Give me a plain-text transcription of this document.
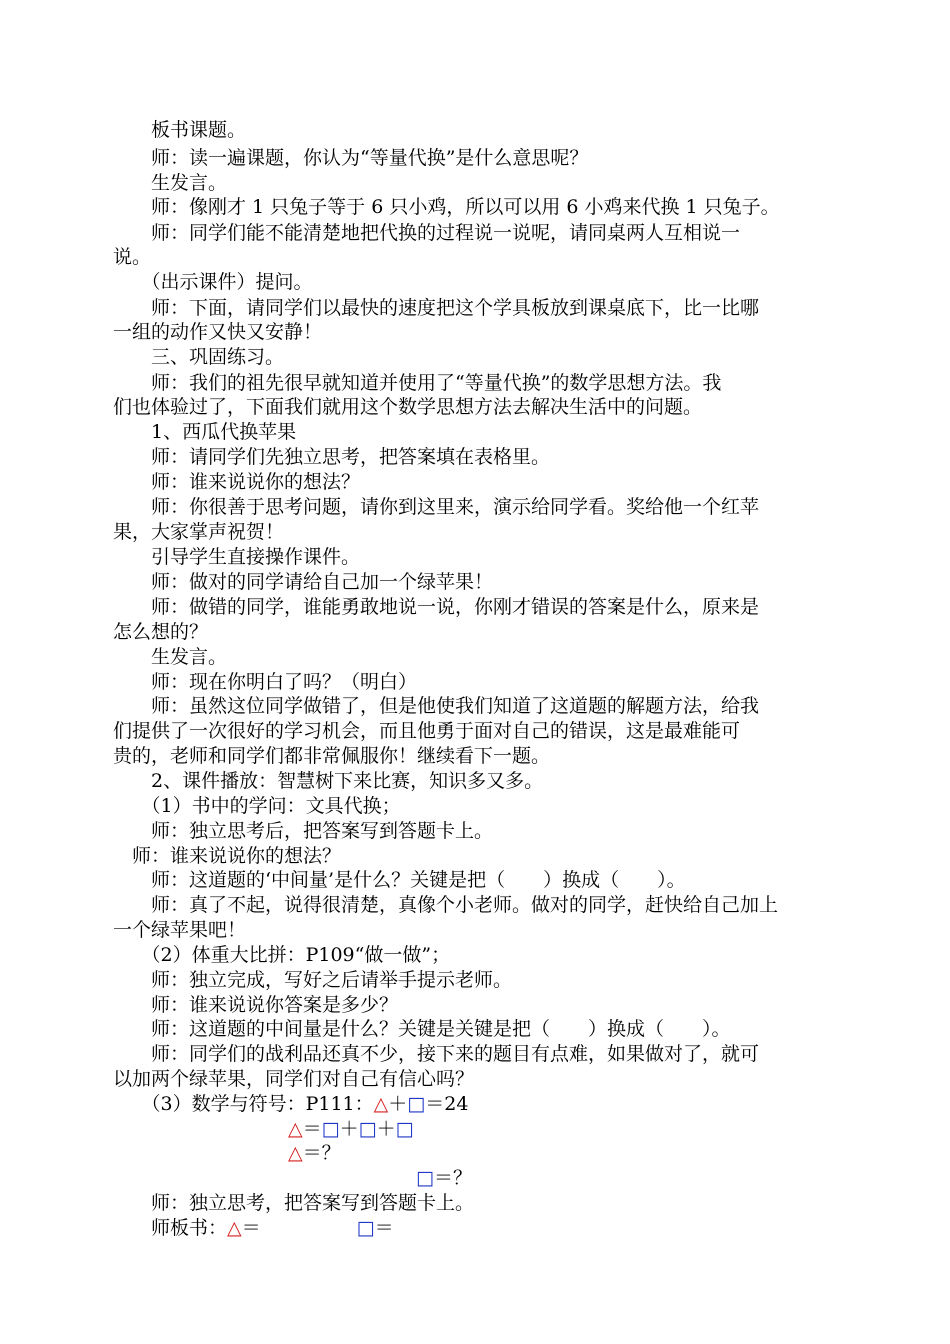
　　板书课题。
　　师：读一遍课题，你认为“等量代换”是什么意思呢？
　　生发言。
　　师：像刚才 1 只兔子等于 6 只小鸡，所以可以用 6 小鸡来代换 1 只兔子。
　　师：同学们能不能清楚地把代换的过程说一说呢，请同桌两人互相说一
说。
　　（出示课件）提问。
　　师：下面，请同学们以最快的速度把这个学具板放到课桌底下，比一比哪
一组的动作又快又安静！
　　三、巩固练习。
　　师：我们的祖先很早就知道并使用了“等量代换”的数学思想方法。我
们也体验过了，下面我们就用这个数学思想方法去解决生活中的问题。
　　1、西瓜代换苹果
　　师：请同学们先独立思考，把答案填在表格里。
　　师：谁来说说你的想法？
　　师：你很善于思考问题，请你到这里来，演示给同学看。奖给他一个红苹
果，大家掌声祝贺！
　　引导学生直接操作课件。
　　师：做对的同学请给自己加一个绿苹果！
　　师：做错的同学，谁能勇敢地说一说，你刚才错误的答案是什么，原来是
怎么想的？
　　生发言。
　　师：现在你明白了吗？（明白）
　　师：虽然这位同学做错了，但是他使我们知道了这道题的解题方法，给我
们提供了一次很好的学习机会，而且他勇于面对自己的错误，这是最难能可
贵的，老师和同学们都非常佩服你！继续看下一题。
　　2、课件播放：智慧树下来比赛，知识多又多。
　　（1）书中的学问：文具代换；
　　师：独立思考后，把答案写到答题卡上。
　师：谁来说说你的想法？
　　师：这道题的‘中间量’是什么？关键是把（　　）换成（　　）。
　　师：真了不起，说得很清楚，真像个小老师。做对的同学，赶快给自己加上
一个绿苹果吧！
　　（2）体重大比拼：P109“做一做”；
　　师：独立完成，写好之后请举手提示老师。
　　师：谁来说说你答案是多少？
　　师：这道题的中间量是什么？关键是关键是把（　　）换成（　　）。
　　师：同学们的战利品还真不少，接下来的题目有点难，如果做对了，就可
以加两个绿苹果，同学们对自己有信心吗？
　　（3）数学与符号：P111：△＋□＝24
△＝□＋□＋□
△＝？
□＝？
　　师：独立思考，把答案写到答题卡上。
　　师板书：△＝	□＝
